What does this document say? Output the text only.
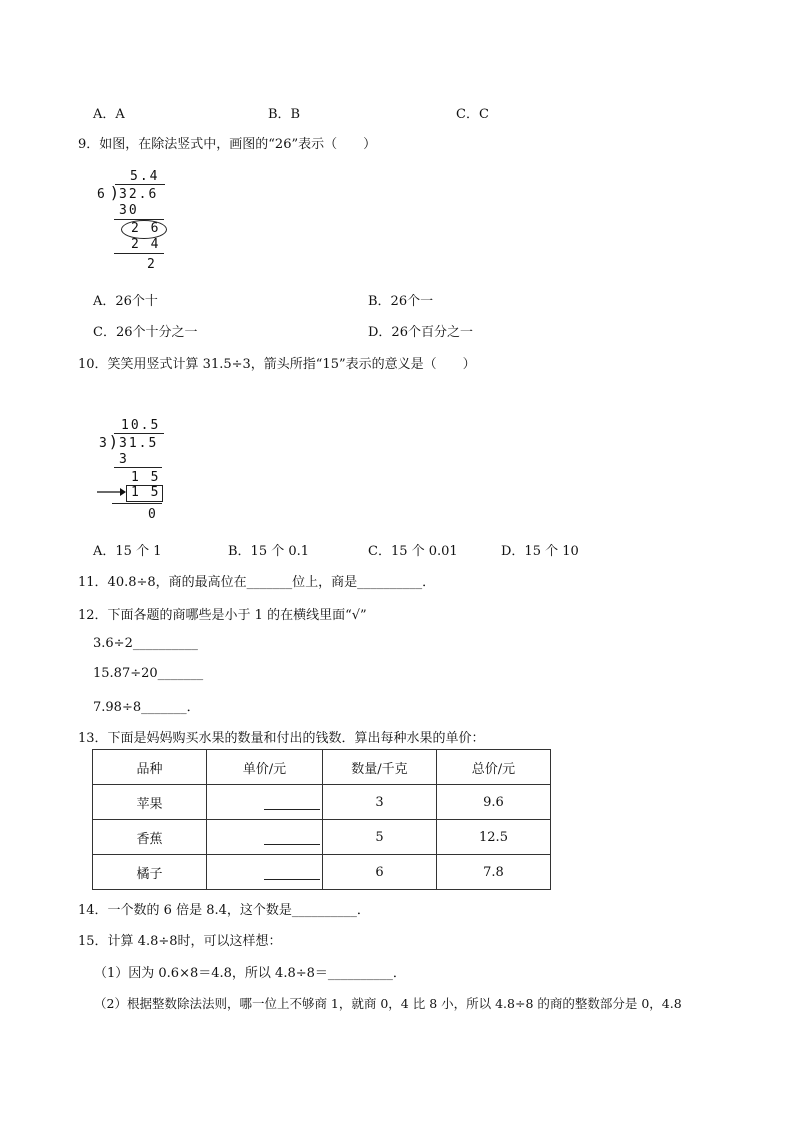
A．A	B．B	C．C
9．如图，在除法竖式中，画图的“26”表示（　　）
5.4
6 ) 32.6
30
2 6
2 4
2
A．26个十	B．26个一
C．26个十分之一	D．26个百分之一
10．笑笑用竖式计算 31.5÷3，箭头所指“15”表示的意义是（　　）
10.5
3 ) 31.5
3
1 5
1 5
0
A．15 个 1	B．15 个 0.1	C．15 个 0.01	D．15 个 10
11．40.8÷8，商的最高位在_______位上，商是__________．
12．下面各题的商哪些是小于 1 的在横线里面“√”
3.6÷2__________
15.87÷20_______
7.98÷8_______．
13．下面是妈妈购买水果的数量和付出的钱数．算出每种水果的单价：
品种	单价/元	数量/千克	总价/元
苹果		3	9.6
香蕉		5	12.5
橘子		6	7.8
14．一个数的 6 倍是 8.4，这个数是__________．
15．计算 4.8÷8时，可以这样想：
（1）因为 0.6×8＝4.8，所以 4.8÷8＝__________．
（2）根据整数除法法则，哪一位上不够商 1，就商 0，4 比 8 小，所以 4.8÷8 的商的整数部分是 0，4.8
